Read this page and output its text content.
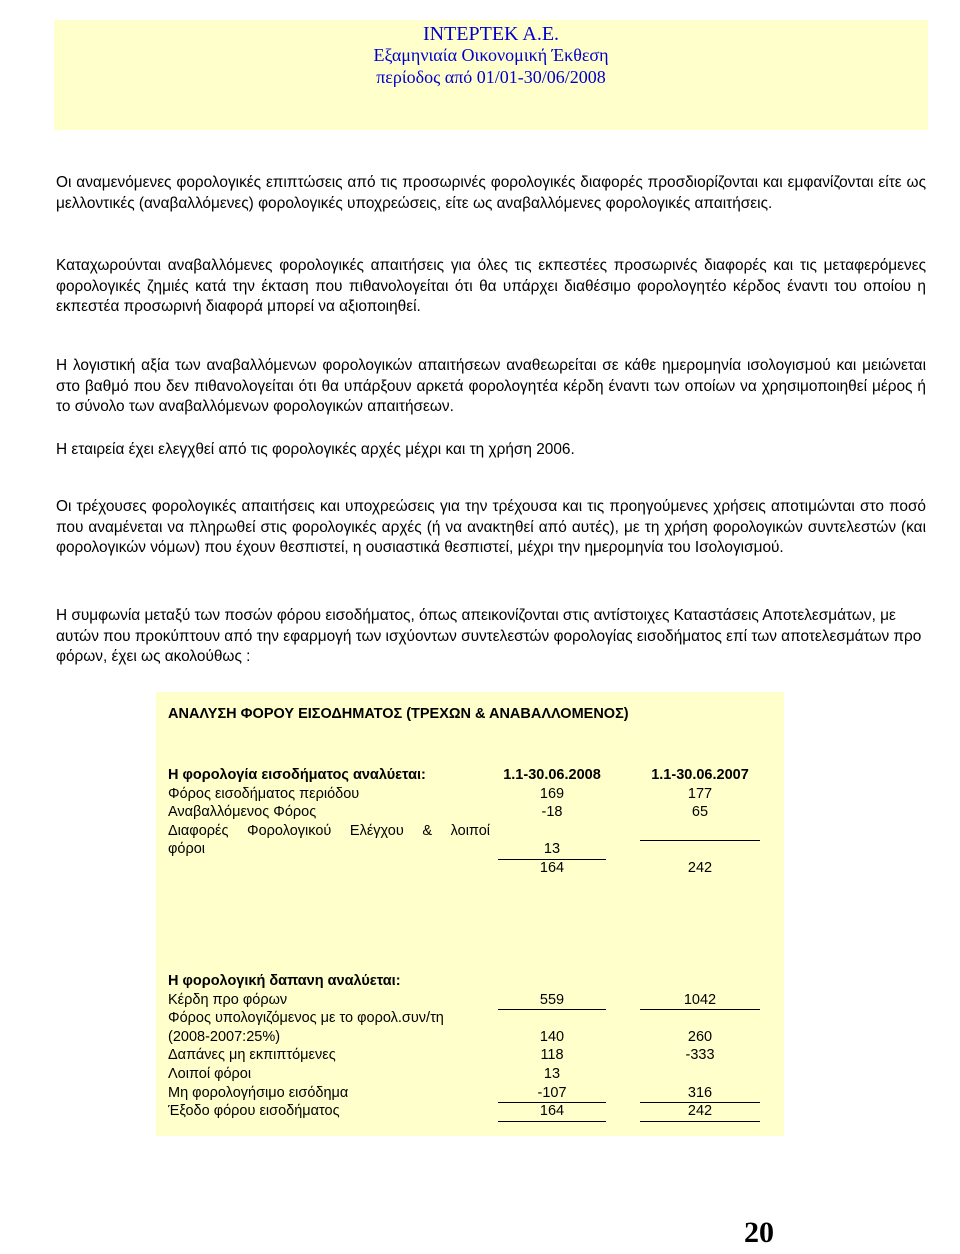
INTEPTEK A.E.
Εξαμηνιαία Οικονομική Έκθεση
περίοδος από 01/01-30/06/2008
Οι αναμενόμενες φορολογικές επιπτώσεις από τις προσωρινές φορολογικές διαφορές προσδιορίζονται και εμφανίζονται είτε ως μελλοντικές (αναβαλλόμενες) φορολογικές υποχρεώσεις, είτε ως αναβαλλόμενες φορολογικές απαιτήσεις.
Καταχωρούνται αναβαλλόμενες φορολογικές απαιτήσεις για όλες τις εκπεστέες προσωρινές διαφορές και τις μεταφερόμενες φορολογικές ζημιές κατά την έκταση που πιθανολογείται ότι θα υπάρχει διαθέσιμο φορολογητέο κέρδος έναντι του οποίου η εκπεστέα προσωρινή διαφορά μπορεί να αξιοποιηθεί.
Η λογιστική αξία των αναβαλλόμενων φορολογικών απαιτήσεων αναθεωρείται σε κάθε ημερομηνία ισολογισμού και μειώνεται στο βαθμό που δεν πιθανολογείται ότι θα υπάρξουν αρκετά φορολογητέα κέρδη έναντι των οποίων να χρησιμοποιηθεί μέρος ή το σύνολο των αναβαλλόμενων φορολογικών απαιτήσεων.
Η εταιρεία έχει ελεγχθεί από τις φορολογικές αρχές μέχρι και τη χρήση 2006.
Οι τρέχουσες φορολογικές απαιτήσεις και υποχρεώσεις για την τρέχουσα και τις προηγούμενες χρήσεις αποτιμώνται στο ποσό που αναμένεται να πληρωθεί στις φορολογικές αρχές (ή να ανακτηθεί από αυτές), με τη χρήση φορολογικών συντελεστών (και φορολογικών νόμων) που έχουν θεσπιστεί, η ουσιαστικά θεσπιστεί, μέχρι την ημερομηνία του Ισολογισμού.
Η συμφωνία μεταξύ των ποσών φόρου εισοδήματος, όπως απεικονίζονται στις αντίστοιχες Καταστάσεις Αποτελεσμάτων, με αυτών που προκύπτουν από την εφαρμογή των ισχύοντων συντελεστών φορολογίας εισοδήματος επί των αποτελεσμάτων προ φόρων, έχει ως ακολούθως :
ΑΝΑΛΥΣΗ ΦΟΡΟΥ ΕΙΣΟΔΗΜΑΤΟΣ (ΤΡΕΧΩΝ & ΑΝΑΒΑΛΛΟΜΕΝΟΣ)
Η φορολογία εισοδήματος αναλύεται:	1.1-30.06.2008	1.1-30.06.2007
Φόρος εισοδήματος περιόδου	169	177
Αναβαλλόμενος Φόρος	-18	65
Διαφορές Φορολογικού Ελέγχου & λοιποί
φόροι	13
164	242
Η φορολογική δαπανη αναλύεται:
Κέρδη προ φόρων	559	1042
Φόρος υπολογιζόμενος με το φορολ.συν/τη
(2008-2007:25%)	140	260
Δαπάνες μη εκπιπτόμενες	118	-333
Λοιποί φόροι	13
Μη φορολογήσιμο εισόδημα	-107	316
Έξοδο φόρου εισοδήματος	164	242
20
